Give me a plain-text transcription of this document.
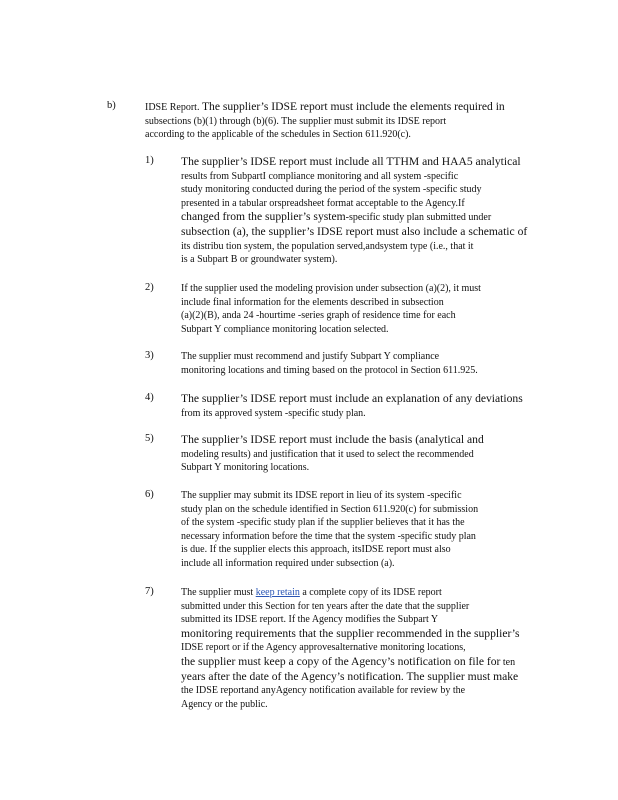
b)	IDSE Report. The supplier’s IDSE report must include the elements required in
subsections (b)(1) through (b)(6). The supplier must submit its IDSE report
according to the applicable of the schedules in Section 611.920(c).
1) The supplier’s IDSE report must include all TTHM and HAA5 analytical
results from SubpartI compliance monitoring and all system -specific
study monitoring conducted during the period of the system -specific study
presented in a tabular orspreadsheet format acceptable to the Agency.If
changed from the supplier’s system-specific study plan submitted under
subsection (a), the supplier’s IDSE report must also include a schematic of
its distribu tion system, the population served,andsystem type (i.e., that it
is a Subpart B or groundwater system).
2)	If the supplier used the modeling provision under subsection (a)(2), it must
include final information for the elements described in subsection
(a)(2)(B), anda 24 -hourtime -series graph of residence time for each
Subpart Y compliance monitoring location selected.
3)	The supplier must recommend and justify Subpart Y compliance
monitoring locations and timing based on the protocol in Section 611.925.
4) The supplier’s IDSE report must include an explanation of any deviations
from its approved system -specific study plan.
5) The supplier’s IDSE report must include the basis (analytical and
modeling results) and justification that it used to select the recommended
Subpart Y monitoring locations.
6)	The supplier may submit its IDSE report in lieu of its system -specific
study plan on the schedule identified in Section 611.920(c) for submission
of the system -specific study plan if the supplier believes that it has the
necessary information before the time that the system -specific study plan
is due. If the supplier elects this approach, itsIDSE report must also
include all information required under subsection (a).
7)	The supplier must keep retain a complete copy of its IDSE report
submitted under this Section for ten years after the date that the supplier
submitted its IDSE report. If the Agency modifies the Subpart Y
monitoring requirements that the supplier recommended in the supplier’s
IDSE report or if the Agency approvesalternative monitoring locations,
the supplier must keep a copy of the Agency’s notification on file for ten
years after the date of the Agency’s notification. The supplier must make
the IDSE reportand anyAgency notification available for review by the
Agency or the public.
